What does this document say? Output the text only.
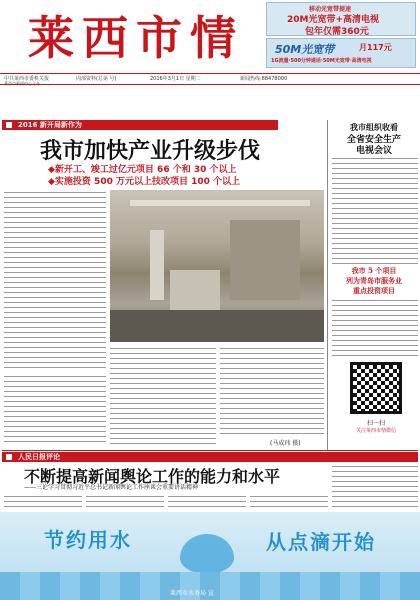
莱西市情
移动光宽带提速
20M光宽带+高清电视
包年仅需360元
50M光宽带	月117元
1G流量·500分钟通话·50M光宽带·高清电视
中共莱西市委机关报
莱西市新闻中心主办
内部资料(总第 号)	2016年3月1日 星期二	新闻热线:88478000
2016 新开局新作为
我市加快产业升级步伐
◆新开工、竣工过亿元项目 66 个和 30 个以上
◆实施投资 500 万元以上技改项目 100 个以上
(马成玮 摄)
我市组织收看
全省安全生产
电视会议
我市 5 个项目
列为青岛市服务业
重点投资项目
扫一扫
关注莱西市情微信
人民日报评论
不断提高新闻舆论工作的能力和水平
——三论学习贯彻习近平总书记新闻舆论工作座谈会重要讲话精神
节约用水	从点滴开始
莱西市水务局 宣
